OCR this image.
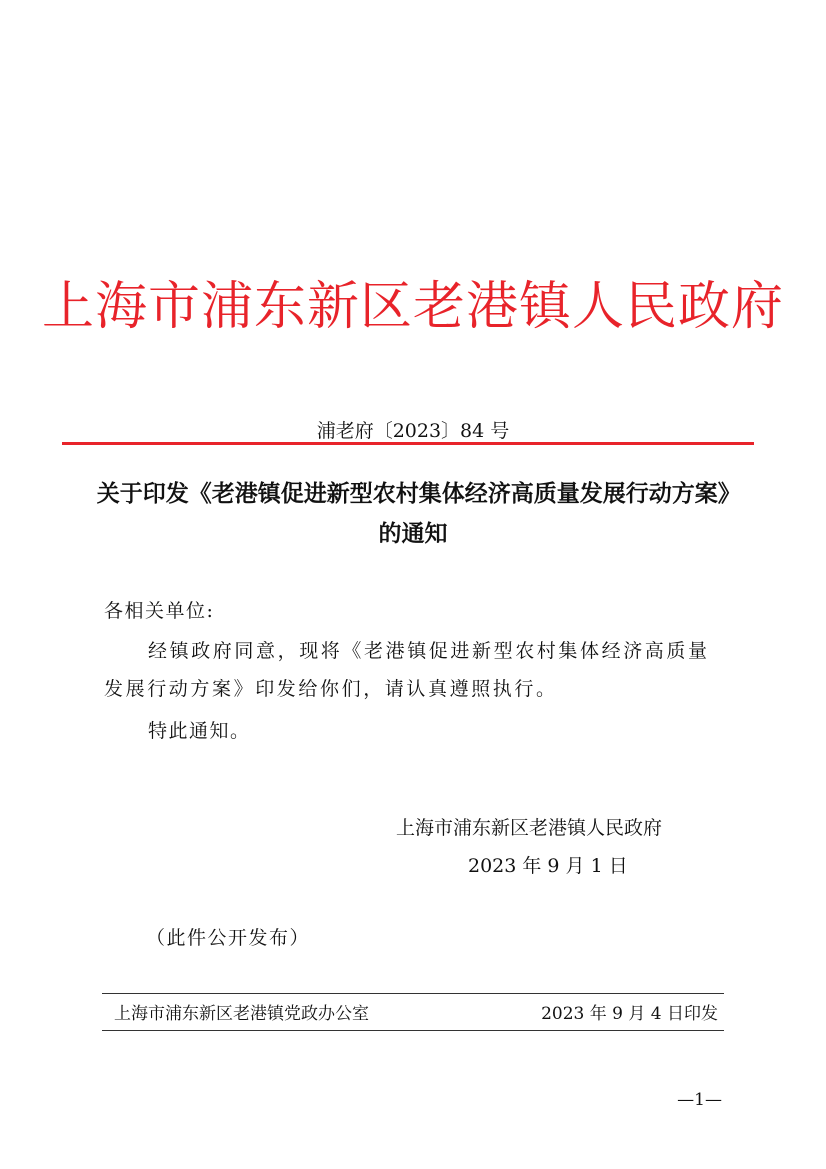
上海市浦东新区老港镇人民政府
浦老府〔2023〕84 号
关于印发《老港镇促进新型农村集体经济高质量发展行动方案》的通知
各相关单位:
经镇政府同意，现将《老港镇促进新型农村集体经济高质量发展行动方案》印发给你们，请认真遵照执行。
特此通知。
上海市浦东新区老港镇人民政府
2023 年 9 月 1 日
（此件公开发布）
上海市浦东新区老港镇党政办公室	2023 年 9 月 4 日印发
—1—
